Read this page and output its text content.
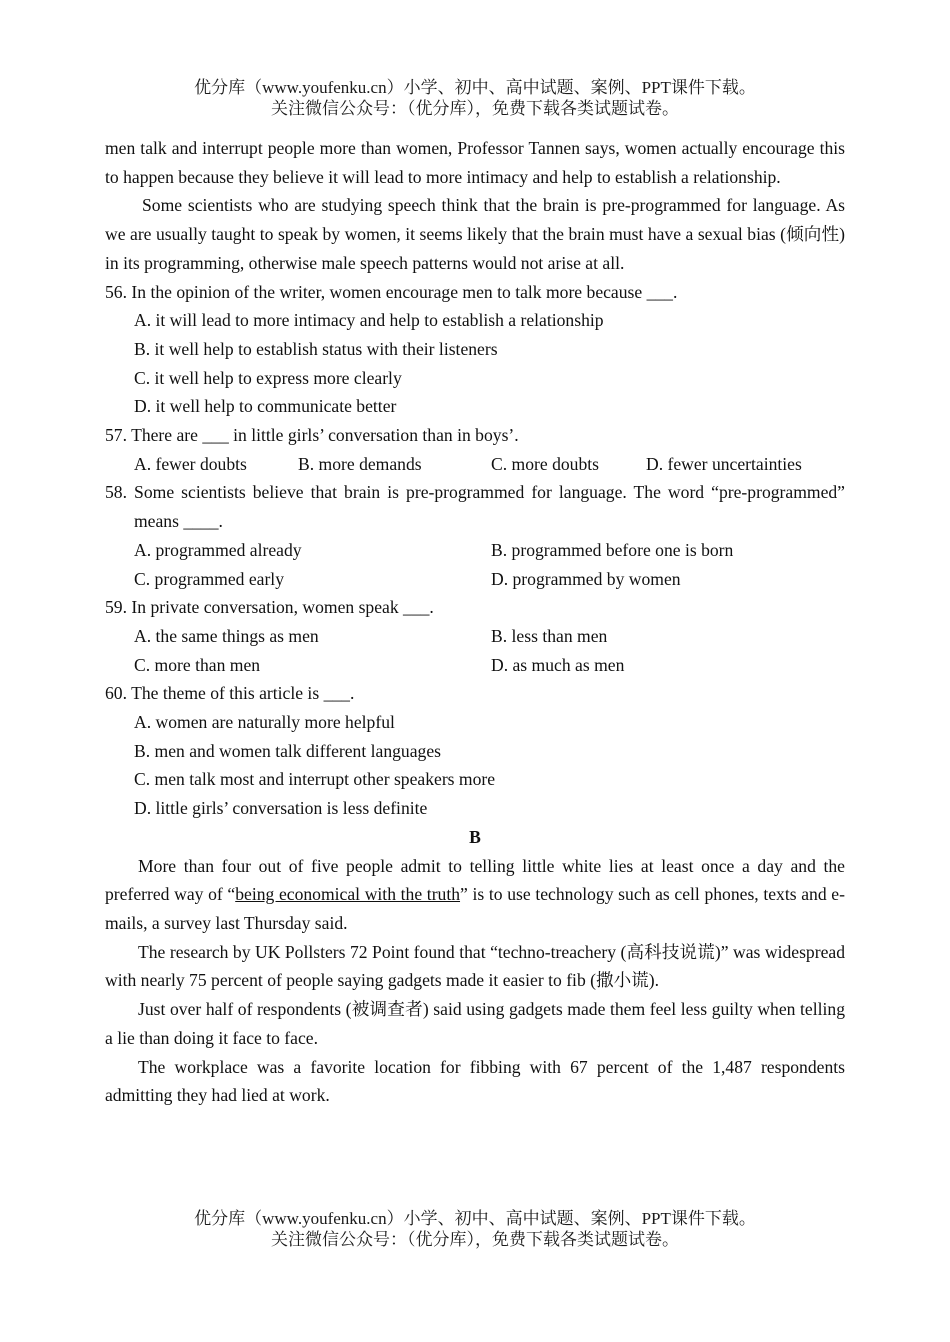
优分库（www.youfenku.cn）小学、初中、高中试题、案例、PPT课件下载。
关注微信公众号：（优分库），免费下载各类试题试卷。

men talk and interrupt people more than women, Professor Tannen says, women actually encourage this to happen because they believe it will lead to more intimacy and help to establish a relationship.

Some scientists who are studying speech think that the brain is pre-programmed for language. As we are usually taught to speak by women, it seems likely that the brain must have a sexual bias (倾向性) in its programming, otherwise male speech patterns would not arise at all.

56. In the opinion of the writer, women encourage men to talk more because ___.

A. it will lead to more intimacy and help to establish a relationship

B. it well help to establish status with their listeners

C. it well help to express more clearly

D. it well help to communicate better

57. There are ___ in little girls’ conversation than in boys’.

A. fewer doubts	B. more demands	C. more doubts	D. fewer uncertainties

58. Some scientists believe that brain is pre-programmed for language. The word “pre-programmed” means ____.

A. programmed already	B. programmed before one is born
C. programmed early	D. programmed by women

59. In private conversation, women speak ___.

A. the same things as men	B. less than men
C. more than men	D. as much as men

60. The theme of this article is ___.

A. women are naturally more helpful

B. men and women talk different languages

C. men talk most and interrupt other speakers more

D. little girls’ conversation is less definite

B

More than four out of five people admit to telling little white lies at least once a day and the preferred way of “being economical with the truth” is to use technology such as cell phones, texts and e-mails, a survey last Thursday said.

The research by UK Pollsters 72 Point found that “techno-treachery (高科技说谎)” was widespread with nearly 75 percent of people saying gadgets made it easier to fib (撒小谎).

Just over half of respondents (被调查者) said using gadgets made them feel less guilty when telling a lie than doing it face to face.

The workplace was a favorite location for fibbing with 67 percent of the 1,487 respondents admitting they had lied at work.

优分库（www.youfenku.cn）小学、初中、高中试题、案例、PPT课件下载。
关注微信公众号：（优分库），免费下载各类试题试卷。
